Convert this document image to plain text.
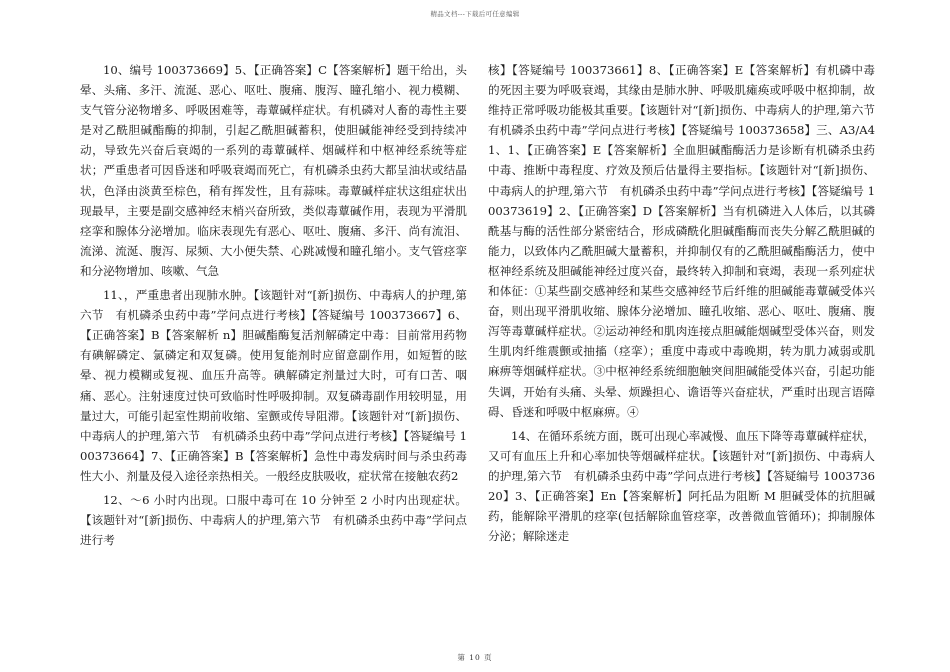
精品文档---下载后可任意编辑

10、编号 100373669】5、【正确答案】C【答案解析】题干给出，头晕、头痛、多汗、流涎、恶心、呕吐、腹痛、腹泻、瞳孔缩小、视力模糊、支气管分泌物增多、呼吸困难等，毒蕈碱样症状。有机磷对人畜的毒性主要是对乙酰胆碱酯酶的抑制，引起乙酰胆碱蓄积，使胆碱能神经受到持续冲动，导致先兴奋后衰竭的一系列的毒蕈碱样、烟碱样和中枢神经系统等症状；严重患者可因昏迷和呼吸衰竭而死亡，有机磷杀虫药大都呈油状或结晶状，色泽由淡黄至棕色，稍有挥发性，且有蒜味。毒蕈碱样症状这组症状出现最早，主要是副交感神经末梢兴奋所致，类似毒蕈碱作用，表现为平滑肌痉挛和腺体分泌增加。临床表现先有恶心、呕吐、腹痛、多汗、尚有流泪、流涕、流涎、腹泻、尿频、大小便失禁、心跳减慢和瞳孔缩小。支气管痉挛和分泌物增加、咳嗽、气急

11、，严重患者出现肺水肿。【该题针对“[新]损伤、中毒病人的护理,第六节　有机磷杀虫药中毒”学问点进行考核】【答疑编号 100373667】6、【正确答案】B【答案解析 n】胆碱酯酶复活剂解磷定中毒：目前常用药物有碘解磷定、氯磷定和双复磷。使用复能剂时应留意副作用，如短暂的眩晕、视力模糊或复视、血压升高等。碘解磷定剂量过大时，可有口苦、咽痛、恶心。注射速度过快可致临时性呼吸抑制。双复磷毒副作用较明显，用量过大，可能引起室性期前收缩、室颤或传导阻滞。【该题针对“[新]损伤、中毒病人的护理,第六节　有机磷杀虫药中毒”学问点进行考核】【答疑编号 100373664】7、【正确答案】B【答案解析】急性中毒发病时间与杀虫药毒性大小、剂量及侵入途径亲热相关。一般经皮肤吸收，症状常在接触农药2

12、～6 小时内出现。口服中毒可在 10 分钟至 2 小时内出现症状。【该题针对“[新]损伤、中毒病人的护理,第六节　有机磷杀虫药中毒”学问点进行考

核】【答疑编号 100373661】8、【正确答案】E【答案解析】有机磷中毒的死因主要为呼吸衰竭，其缘由是肺水肿、呼吸肌瘫痪或呼吸中枢抑制，故维持正常呼吸功能极其重要。【该题针对“[新]损伤、中毒病人的护理,第六节　有机磷杀虫药中毒”学问点进行考核】【答疑编号 100373658】三、A3/A41、1、【正确答案】E【答案解析】全血胆碱酯酶活力是诊断有机磷杀虫药中毒、推断中毒程度、疗效及预后估量得主要指标。【该题针对“[新]损伤、中毒病人的护理,第六节　有机磷杀虫药中毒”学问点进行考核】【答疑编号 100373619】2、【正确答案】D【答案解析】当有机磷进入人体后，以其磷酰基与酶的活性部分紧密结合，形成磷酰化胆碱酯酶而丧失分解乙酰胆碱的能力，以致体内乙酰胆碱大量蓄积，并抑制仅有的乙酰胆碱酯酶活力，使中枢神经系统及胆碱能神经过度兴奋，最终转入抑制和衰竭，表现一系列症状和体征：①某些副交感神经和某些交感神经节后纤维的胆碱能毒蕈碱受体兴奋，则出现平滑肌收缩、腺体分泌增加、瞳孔收缩、恶心、呕吐、腹痛、腹泻等毒蕈碱样症状。②运动神经和肌肉连接点胆碱能烟碱型受体兴奋，则发生肌肉纤维震颤或抽搐（痉挛）；重度中毒或中毒晚期，转为肌力减弱或肌麻痹等烟碱样症状。③中枢神经系统细胞触突间胆碱能受体兴奋，引起功能失调，开始有头痛、头晕、烦躁担心、谵语等兴奋症状，严重时出现言语障碍、昏迷和呼吸中枢麻痹。④

14、在循环系统方面，既可出现心率减慢、血压下降等毒蕈碱样症状，又可有血压上升和心率加快等烟碱样症状。【该题针对“[新]损伤、中毒病人的护理,第六节　有机磷杀虫药中毒”学问点进行考核】【答疑编号 100373620】3、【正确答案】En【答案解析】阿托品为阻断 M 胆碱受体的抗胆碱药，能解除平滑肌的痉挛(包括解除血管痉挛，改善微血管循环)；抑制腺体分泌；解除迷走

第 10 页
